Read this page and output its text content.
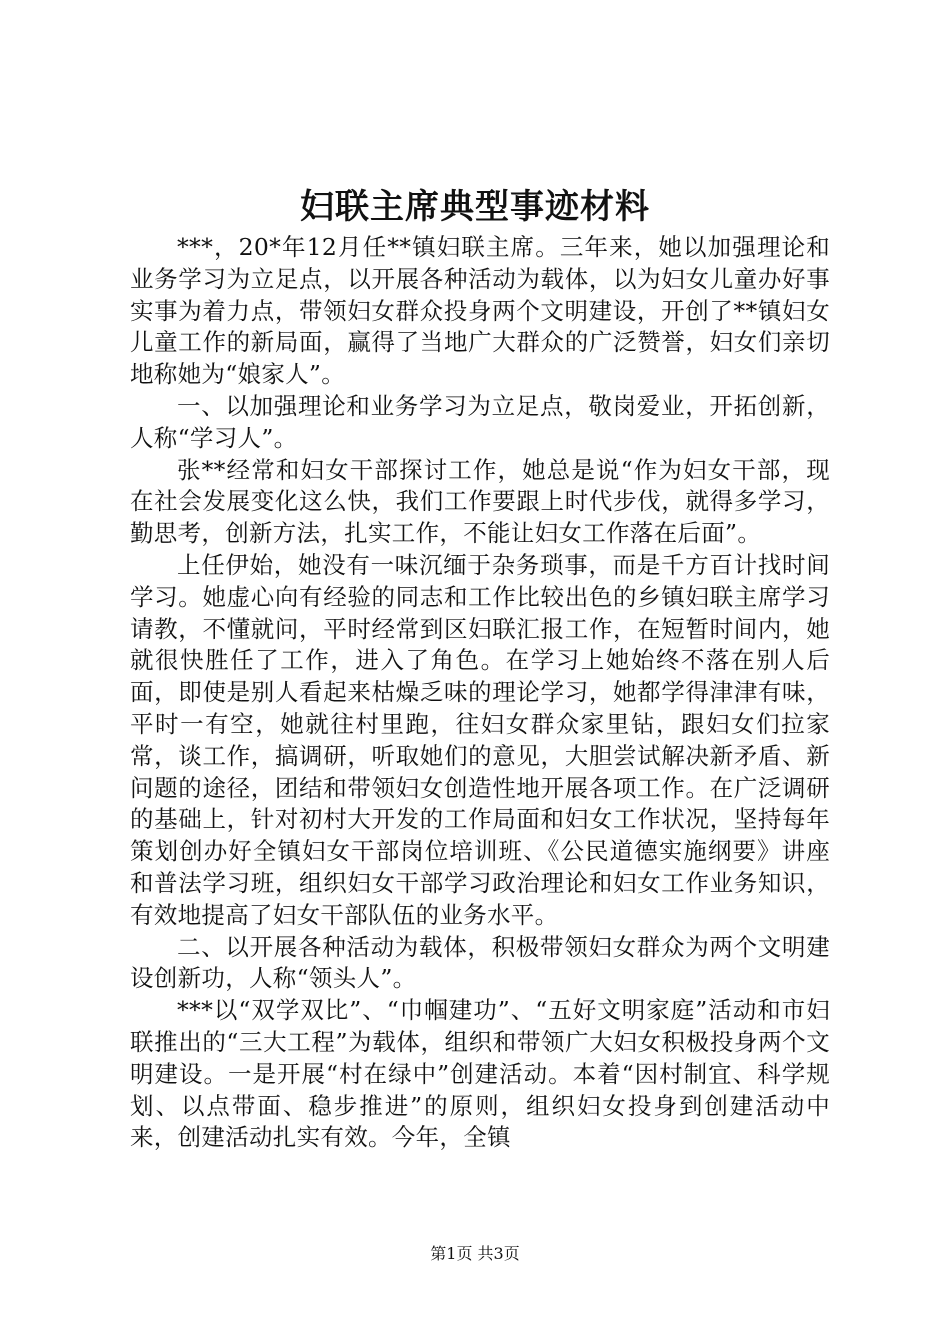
妇联主席典型事迹材料

***，20*年12月任**镇妇联主席。三年来，她以加强理论和业务学习为立足点，以开展各种活动为载体，以为妇女儿童办好事实事为着力点，带领妇女群众投身两个文明建设，开创了**镇妇女儿童工作的新局面，赢得了当地广大群众的广泛赞誉，妇女们亲切地称她为“娘家人”。

一、以加强理论和业务学习为立足点，敬岗爱业，开拓创新，人称“学习人”。

张**经常和妇女干部探讨工作，她总是说“作为妇女干部，现在社会发展变化这么快，我们工作要跟上时代步伐，就得多学习，勤思考，创新方法，扎实工作，不能让妇女工作落在后面”。

上任伊始，她没有一味沉缅于杂务琐事，而是千方百计找时间学习。她虚心向有经验的同志和工作比较出色的乡镇妇联主席学习请教，不懂就问，平时经常到区妇联汇报工作，在短暂时间内，她就很快胜任了工作，进入了角色。在学习上她始终不落在别人后面，即使是别人看起来枯燥乏味的理论学习，她都学得津津有味，平时一有空，她就往村里跑，往妇女群众家里钻，跟妇女们拉家常，谈工作，搞调研，听取她们的意见，大胆尝试解决新矛盾、新问题的途径，团结和带领妇女创造性地开展各项工作。在广泛调研的基础上，针对初村大开发的工作局面和妇女工作状况，坚持每年策划创办好全镇妇女干部岗位培训班、《公民道德实施纲要》讲座和普法学习班，组织妇女干部学习政治理论和妇女工作业务知识，有效地提高了妇女干部队伍的业务水平。

二、以开展各种活动为载体，积极带领妇女群众为两个文明建设创新功，人称“领头人”。

***以“双学双比”、“巾帼建功”、“五好文明家庭”活动和市妇联推出的“三大工程”为载体，组织和带领广大妇女积极投身两个文明建设。一是开展“村在绿中”创建活动。本着“因村制宜、科学规划、以点带面、稳步推进”的原则，组织妇女投身到创建活动中来，创建活动扎实有效。今年，全镇

第1页 共3页
